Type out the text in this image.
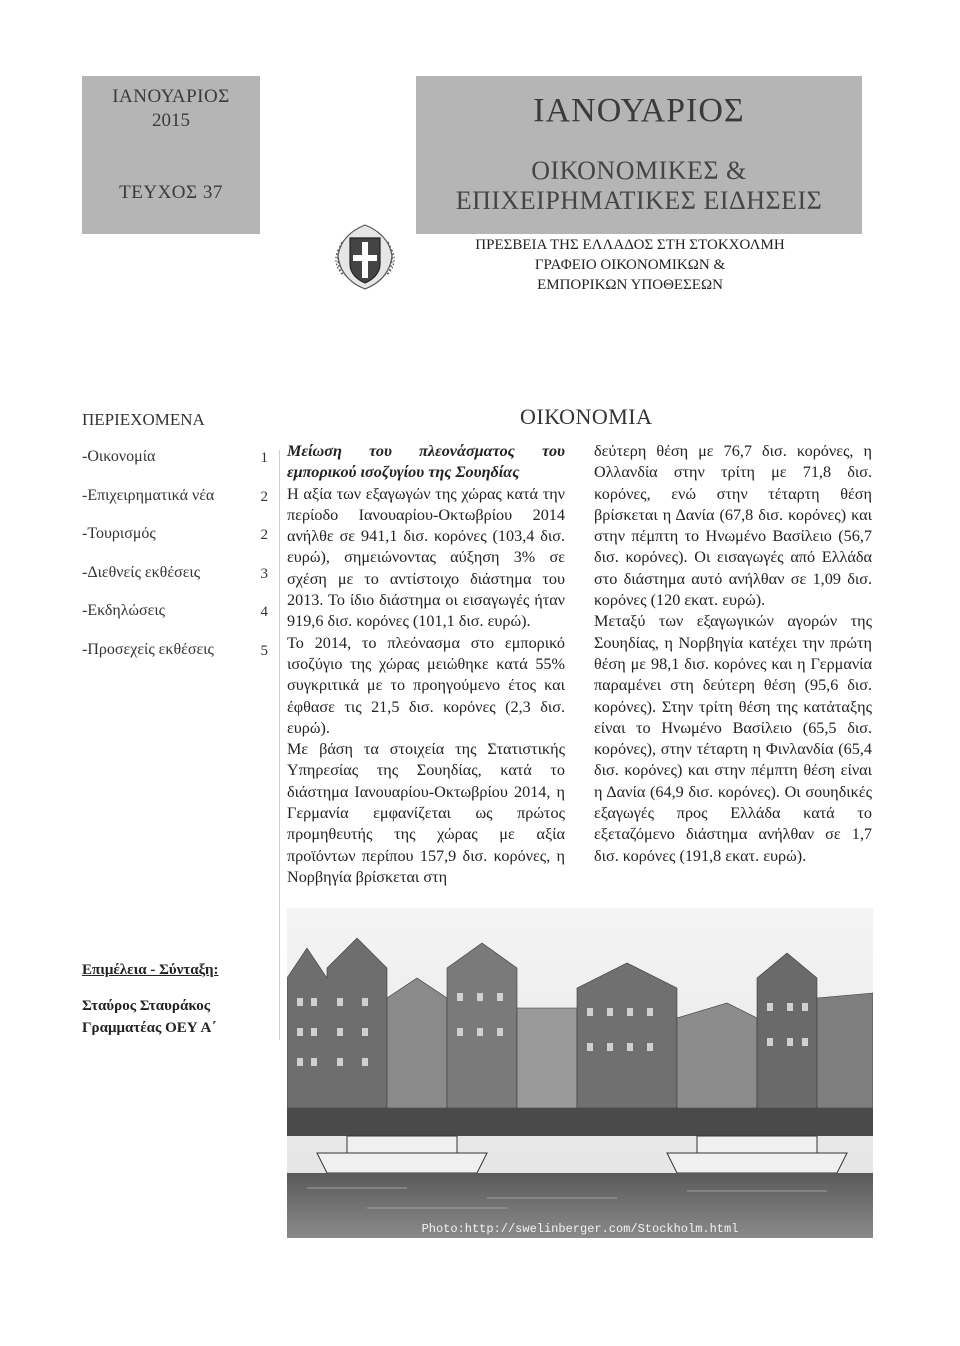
ΙΑΝΟΥΑΡΙΟΣ
2015
ΤΕΥΧΟΣ 37
ΙΑΝΟΥΑΡΙΟΣ
ΟΙΚΟΝΟΜΙΚΕΣ &
ΕΠΙΧΕΙΡΗΜΑΤΙΚΕΣ ΕΙΔΗΣΕΙΣ
ΠΡΕΣΒΕΙΑ ΤΗΣ ΕΛΛΑΔΟΣ ΣΤΗ ΣΤΟΚΧΟΛΜΗ
ΓΡΑΦΕΙΟ ΟΙΚΟΝΟΜΙΚΩΝ &
ΕΜΠΟΡΙΚΩΝ ΥΠΟΘΕΣΕΩΝ
ΠΕΡΙΕΧΟΜΕΝΑ
-Οικονομία	1
-Επιχειρηματικά νέα	2
-Τουρισμός	2
-Διεθνείς εκθέσεις	3
-Εκδηλώσεις	4
-Προσεχείς εκθέσεις	5
ΟΙΚΟΝΟΜΙΑ

Μείωση του πλεονάσματος του εμπορικού ισοζυγίου της Σουηδίας

Η αξία των εξαγωγών της χώρας κατά την περίοδο Ιανουαρίου-Οκτωβρίου 2014 ανήλθε σε 941,1 δισ. κορόνες (103,4 δισ. ευρώ), σημειώνοντας αύξηση 3% σε σχέση με το αντίστοιχο διάστημα του 2013. Το ίδιο διάστημα οι εισαγωγές ήταν 919,6 δισ. κορόνες (101,1 δισ. ευρώ).

Το 2014, το πλεόνασμα στο εμπορικό ισοζύγιο της χώρας μειώθηκε κατά 55% συγκριτικά με το προηγούμενο έτος και έφθασε τις 21,5 δισ. κορόνες (2,3 δισ. ευρώ).

Με βάση τα στοιχεία της Στατιστικής Υπηρεσίας της Σουηδίας, κατά το διάστημα Ιανουαρίου-Οκτωβρίου 2014, η Γερμανία εμφανίζεται ως πρώτος προμηθευτής της χώρας με αξία προϊόντων περίπου 157,9 δισ. κορόνες, η Νορβηγία βρίσκεται στη

δεύτερη θέση με 76,7 δισ. κορόνες, η Ολλανδία στην τρίτη με 71,8 δισ. κορόνες, ενώ στην τέταρτη θέση βρίσκεται η Δανία (67,8 δισ. κορόνες) και στην πέμπτη το Ηνωμένο Βασίλειο (56,7 δισ. κορόνες). Οι εισαγωγές από Ελλάδα στο διάστημα αυτό ανήλθαν σε 1,09 δισ. κορόνες (120 εκατ. ευρώ).

Μεταξύ των εξαγωγικών αγορών της Σουηδίας, η Νορβηγία κατέχει την πρώτη θέση με 98,1 δισ. κορόνες και η Γερμανία παραμένει στη δεύτερη θέση (95,6 δισ. κορόνες). Στην τρίτη θέση της κατάταξης είναι το Ηνωμένο Βασίλειο (65,5 δισ. κορόνες), στην τέταρτη η Φινλανδία (65,4 δισ. κορόνες) και στην πέμπτη θέση είναι η Δανία (64,9 δισ. κορόνες). Οι σουηδικές εξαγωγές προς Ελλάδα κατά το εξεταζόμενο διάστημα ανήλθαν σε 1,7 δισ. κορόνες (191,8 εκατ. ευρώ).

Επιμέλεια - Σύνταξη:
Σταύρος Σταυράκος
Γραμματέας ΟΕΥ Α΄
Photo:http://swelinberger.com/Stockholm.html
